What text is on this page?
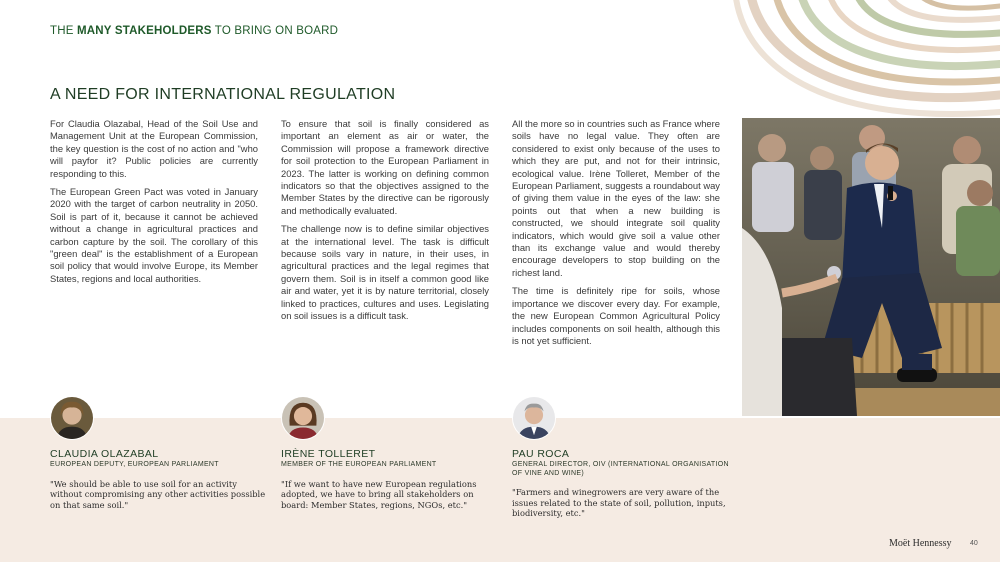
THE MANY STAKEHOLDERS TO BRING ON BOARD
A NEED FOR INTERNATIONAL REGULATION

For Claudia Olazabal, Head of the Soil Use and Management Unit at the European Commission, the key question is the cost of no action and "who will payfor it? Public policies are currently responding to this.

The European Green Pact was voted in January 2020 with the target of carbon neutrality in 2050. Soil is part of it, because it cannot be achieved without a change in agricultural practices and carbon capture by the soil. The corollary of this "green deal" is the establishment of a European soil policy that would involve Europe, its Member States, regions and local authorities.

To ensure that soil is finally considered as important an element as air or water, the Commission will propose a framework directive for soil protection to the European Parliament in 2023. The latter is working on defining common indicators so that the objectives assigned to the Member States by the directive can be rigorously and methodically evaluated.

The challenge now is to define similar objectives at the international level. The task is difficult because soils vary in nature, in their uses, in agricultural practices and the legal regimes that govern them. Soil is in itself a common good like air and water, yet it is by nature territorial, closely linked to practices, cultures and uses. Legislating on soil issues is a difficult task.

All the more so in countries such as France where soils have no legal value. They often are considered to exist only because of the uses to which they are put, and not for their intrinsic, ecological value. Irène Tolleret, Member of the European Parliament, suggests a roundabout way of giving them value in the eyes of the law: she points out that when a new building is constructed, we should integrate soil quality indicators, which would give soil a value other than its exchange value and would thereby encourage developers to stop building on the richest land.

The time is definitely ripe for soils, whose importance we discover every day. For example, the new European Common Agricultural Policy includes components on soil health, although this is not yet sufficient.

CLAUDIA OLAZABAL
EUROPEAN DEPUTY, EUROPEAN PARLIAMENT
"We should be able to use soil for an activity without compromising any other activities possible on that same soil."
IRÈNE TOLLERET
MEMBER OF THE EUROPEAN PARLIAMENT
"If we want to have new European regulations adopted, we have to bring all stakeholders on board: Member States, regions, NGOs, etc."
PAU ROCA
GENERAL DIRECTOR, OIV (INTERNATIONAL ORGANISATION OF VINE AND WINE)
"Farmers and winegrowers are very aware of the issues related to the state of soil, pollution, inputs, biodiversity, etc."
Moët Hennessy	40
